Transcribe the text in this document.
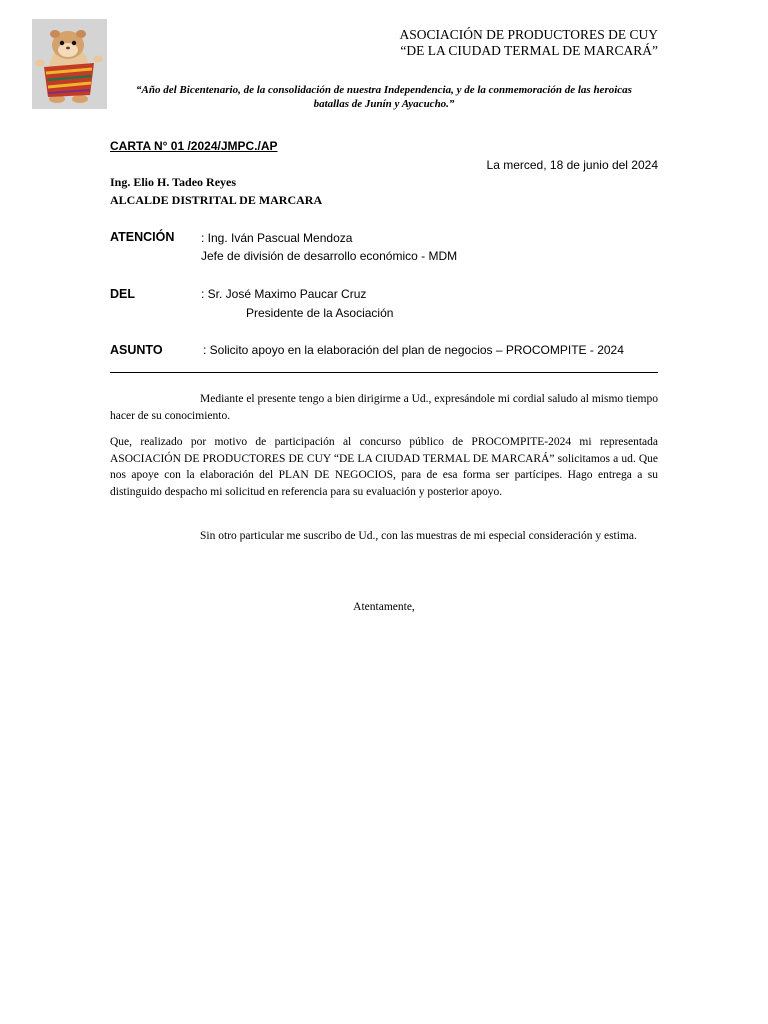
ASOCIACIÓN DE PRODUCTORES DE CUY
“DE LA CIUDAD TERMAL DE MARCARÁ”
“Año del Bicentenario, de la consolidación de nuestra Independencia, y de la conmemoración de las heroicas
batallas de Junín y Ayacucho.”
CARTA N° 01 /2024/JMPC./AP
La merced, 18 de junio del 2024
Ing. Elio H. Tadeo Reyes
ALCALDE DISTRITAL DE MARCARA
ATENCIÓN : Ing. Iván Pascual Mendoza
Jefe de división de desarrollo económico - MDM
DEL	: Sr. José Maximo Paucar Cruz
Presidente de la Asociación
ASUNTO	: Solicito apoyo en la elaboración del plan de negocios – PROCOMPITE - 2024
Mediante el presente tengo a bien dirigirme a Ud., expresándole mi cordial saludo al mismo tiempo hacer de su conocimiento.
Que, realizado por motivo de participación al concurso público de PROCOMPITE-2024 mi representada ASOCIACIÓN DE PRODUCTORES DE CUY “DE LA CIUDAD TERMAL DE MARCARÁ” solicitamos a ud. Que nos apoye con la elaboración del PLAN DE NEGOCIOS, para de esa forma ser partícipes. Hago entrega a su distinguido despacho mi solicitud en referencia para su evaluación y posterior apoyo.
Sin otro particular me suscribo de Ud., con las muestras de mi especial consideración y estima.
Atentamente,
